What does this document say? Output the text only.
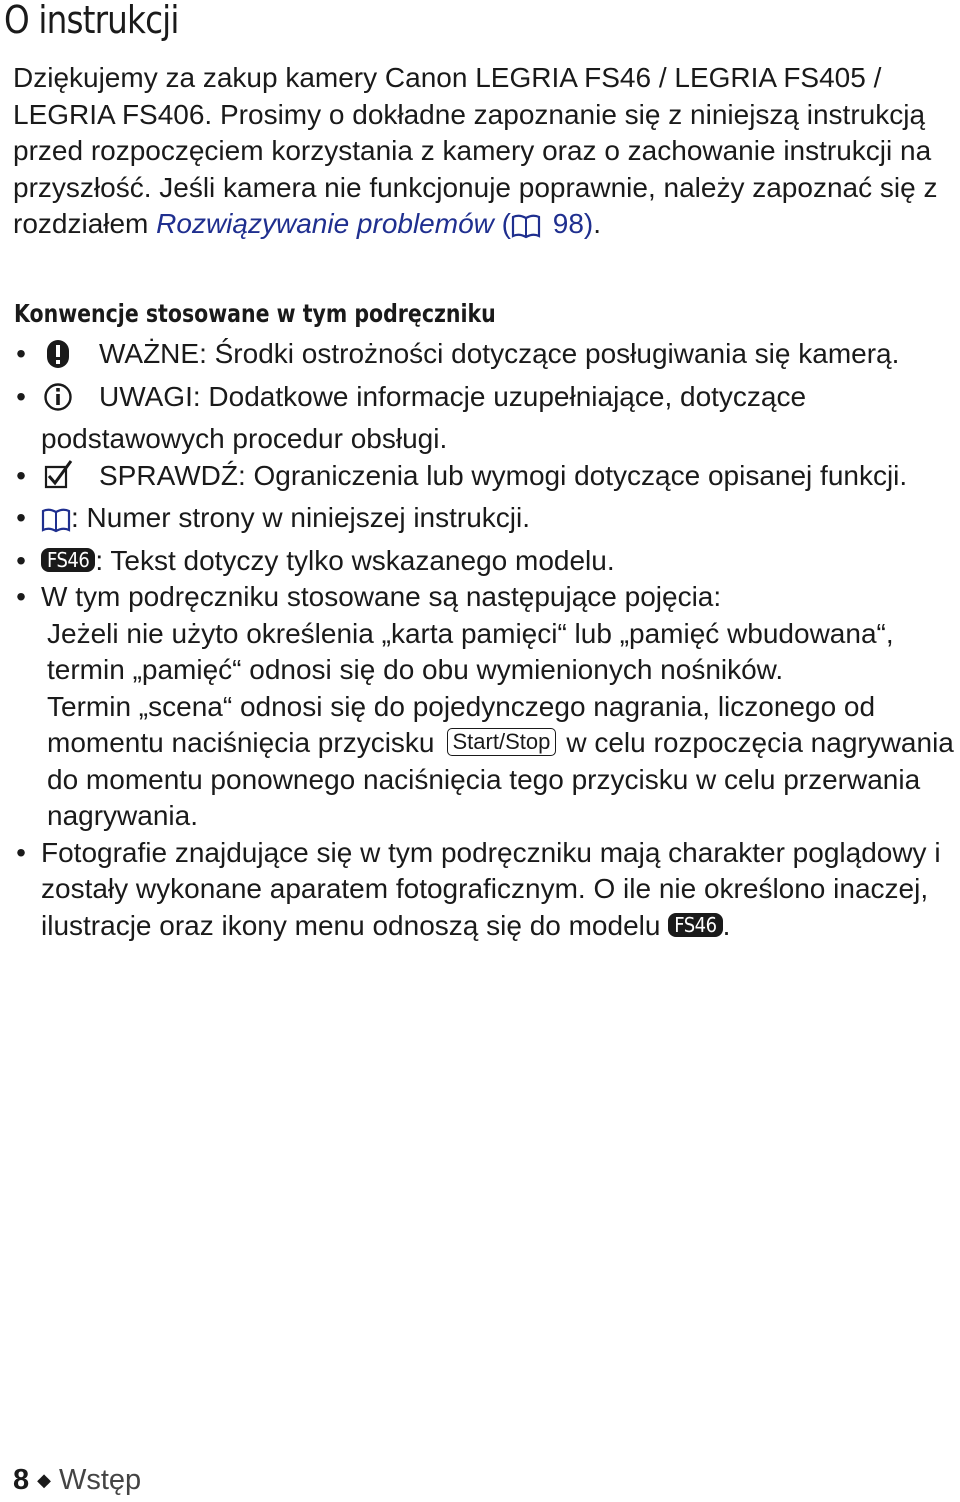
O instrukcji

Dziękujemy za zakup kamery Canon LEGRIA FS46 / LEGRIA FS405 / LEGRIA FS406. Prosimy o dokładne zapoznanie się z niniejszą instrukcją przed rozpoczęciem korzystania z kamery oraz o zachowanie instrukcji na przyszłość. Jeśli kamera nie funkcjonuje poprawnie, należy zapoznać się z rozdziałem Rozwiązywanie problemów ( 98).

Konwencje stosowane w tym podręczniku
•	WAŻNE: Środki ostrożności dotyczące posługiwania się kamerą.
•	UWAGI: Dodatkowe informacje uzupełniające, dotyczące podstawowych procedur obsługi.
•	SPRAWDŹ: Ograniczenia lub wymogi dotyczące opisanej funkcji.
• : Numer strony w niniejszej instrukcji.
• FS46 : Tekst dotyczy tylko wskazanego modelu.
• W tym podręczniku stosowane są następujące pojęcia:
Jeżeli nie użyto określenia „karta pamięci“ lub „pamięć wbudowana“, termin „pamięć“ odnosi się do obu wymienionych nośników.
Termin „scena“ odnosi się do pojedynczego nagrania, liczonego od momentu naciśnięcia przycisku Start/Stop w celu rozpoczęcia nagrywania do momentu ponownego naciśnięcia tego przycisku w celu przerwania nagrywania.
• Fotografie znajdujące się w tym podręczniku mają charakter poglądowy i zostały wykonane aparatem fotograficznym. O ile nie określono inaczej, ilustracje oraz ikony menu odnoszą się do modelu FS46 .
8 ◆ Wstęp
